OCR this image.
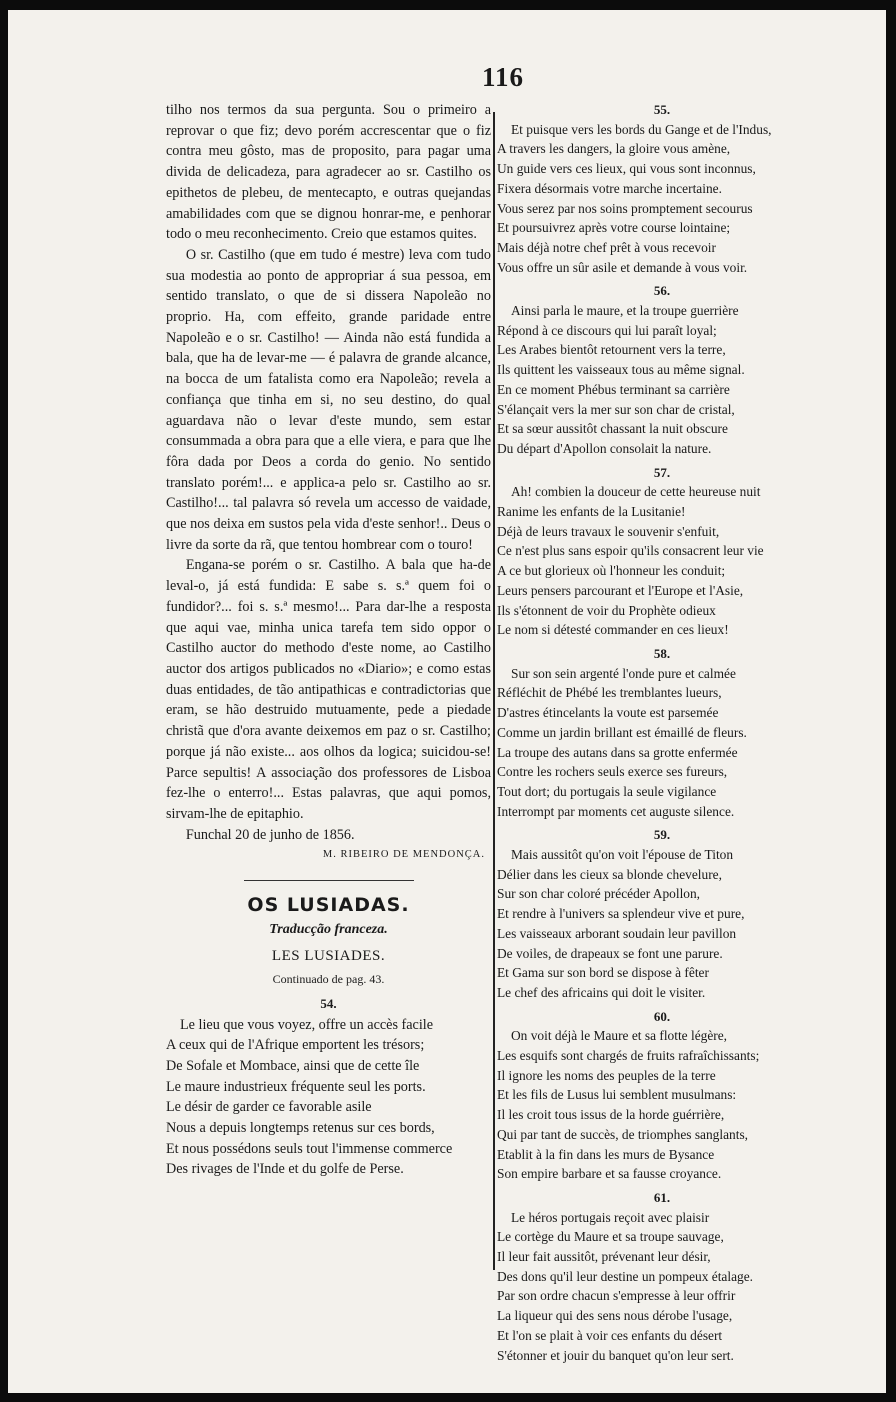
116

tilho nos termos da sua pergunta. Sou o primeiro a reprovar o que fiz; devo porém accrescentar que o fiz contra meu gôsto, mas de proposito, para pagar uma divida de delicadeza, para agradecer ao sr. Castilho os epithetos de plebeu, de mentecapto, e outras quejandas amabilidades com que se dignou honrar-me, e penhorar todo o meu reconhecimento. Creio que estamos quites.

O sr. Castilho (que em tudo é mestre) leva com tudo sua modestia ao ponto de appropriar á sua pessoa, em sentido translato, o que de si dissera Napoleão no proprio. Ha, com effeito, grande paridade entre Napoleão e o sr. Castilho! — Ainda não está fundida a bala, que ha de levar-me — é palavra de grande alcance, na bocca de um fatalista como era Napoleão; revela a confiança que tinha em si, no seu destino, do qual aguardava não o levar d'este mundo, sem estar consummada a obra para que a elle viera, e para que lhe fôra dada por Deos a corda do genio. No sentido translato porém!... e applica-a pelo sr. Castilho ao sr. Castilho!... tal palavra só revela um accesso de vaidade, que nos deixa em sustos pela vida d'este senhor!.. Deus o livre da sorte da rã, que tentou hombrear com o touro!

Engana-se porém o sr. Castilho. A bala que ha-de leval-o, já está fundida: E sabe s. s.ª quem foi o fundidor?... foi s. s.ª mesmo!... Para dar-lhe a resposta que aqui vae, minha unica tarefa tem sido oppor o Castilho auctor do methodo d'este nome, ao Castilho auctor dos artigos publicados no «Diario»; e como estas duas entidades, de tão antipathicas e contradictorias que eram, se hão destruido mutuamente, pede a piedade christã que d'ora avante deixemos em paz o sr. Castilho; porque já não existe... aos olhos da logica; suicidou-se! Parce sepultis! A associação dos professores de Lisboa fez-lhe o enterro!... Estas palavras, que aqui pomos, sirvam-lhe de epitaphio.

Funchal 20 de junho de 1856.

M. RIBEIRO DE MENDONÇA.
OS LUSIADAS.
Traducção franceza.
LES LUSIADES.
Continuado de pag. 43.
54.
Le lieu que vous voyez, offre un accès facile
A ceux qui de l'Afrique emportent les trésors;
De Sofale et Mombace, ainsi que de cette île
Le maure industrieux fréquente seul les ports.
Le désir de garder ce favorable asile
Nous a depuis longtemps retenus sur ces bords,
Et nous possédons seuls tout l'immense commerce
Des rivages de l'Inde et du golfe de Perse.
55.
Et puisque vers les bords du Gange et de l'Indus,
A travers les dangers, la gloire vous amène,
Un guide vers ces lieux, qui vous sont inconnus,
Fixera désormais votre marche incertaine.
Vous serez par nos soins promptement secourus
Et poursuivrez après votre course lointaine;
Mais déjà notre chef prêt à vous recevoir
Vous offre un sûr asile et demande à vous voir.
56.
Ainsi parla le maure, et la troupe guerrière
Répond à ce discours qui lui paraît loyal;
Les Arabes bientôt retournent vers la terre,
Ils quittent les vaisseaux tous au même signal.
En ce moment Phébus terminant sa carrière
S'élançait vers la mer sur son char de cristal,
Et sa sœur aussitôt chassant la nuit obscure
Du départ d'Apollon consolait la nature.
57.
Ah! combien la douceur de cette heureuse nuit
Ranime les enfants de la Lusitanie!
Déjà de leurs travaux le souvenir s'enfuit,
Ce n'est plus sans espoir qu'ils consacrent leur vie
A ce but glorieux où l'honneur les conduit;
Leurs pensers parcourant et l'Europe et l'Asie,
Ils s'étonnent de voir du Prophète odieux
Le nom si détesté commander en ces lieux!
58.
Sur son sein argenté l'onde pure et calmée
Réfléchit de Phébé les tremblantes lueurs,
D'astres étincelants la voute est parsemée
Comme un jardin brillant est émaillé de fleurs.
La troupe des autans dans sa grotte enfermée
Contre les rochers seuls exerce ses fureurs,
Tout dort; du portugais la seule vigilance
Interrompt par moments cet auguste silence.
59.
Mais aussitôt qu'on voit l'épouse de Titon
Délier dans les cieux sa blonde chevelure,
Sur son char coloré précéder Apollon,
Et rendre à l'univers sa splendeur vive et pure,
Les vaisseaux arborant soudain leur pavillon
De voiles, de drapeaux se font une parure.
Et Gama sur son bord se dispose à fêter
Le chef des africains qui doit le visiter.
60.
On voit déjà le Maure et sa flotte légère,
Les esquifs sont chargés de fruits rafraîchissants;
Il ignore les noms des peuples de la terre
Et les fils de Lusus lui semblent musulmans:
Il les croit tous issus de la horde guérrière,
Qui par tant de succès, de triomphes sanglants,
Etablit à la fin dans les murs de Bysance
Son empire barbare et sa fausse croyance.
61.
Le héros portugais reçoit avec plaisir
Le cortège du Maure et sa troupe sauvage,
Il leur fait aussitôt, prévenant leur désir,
Des dons qu'il leur destine un pompeux étalage.
Par son ordre chacun s'empresse à leur offrir
La liqueur qui des sens nous dérobe l'usage,
Et l'on se plait à voir ces enfants du désert
S'étonner et jouir du banquet qu'on leur sert.
